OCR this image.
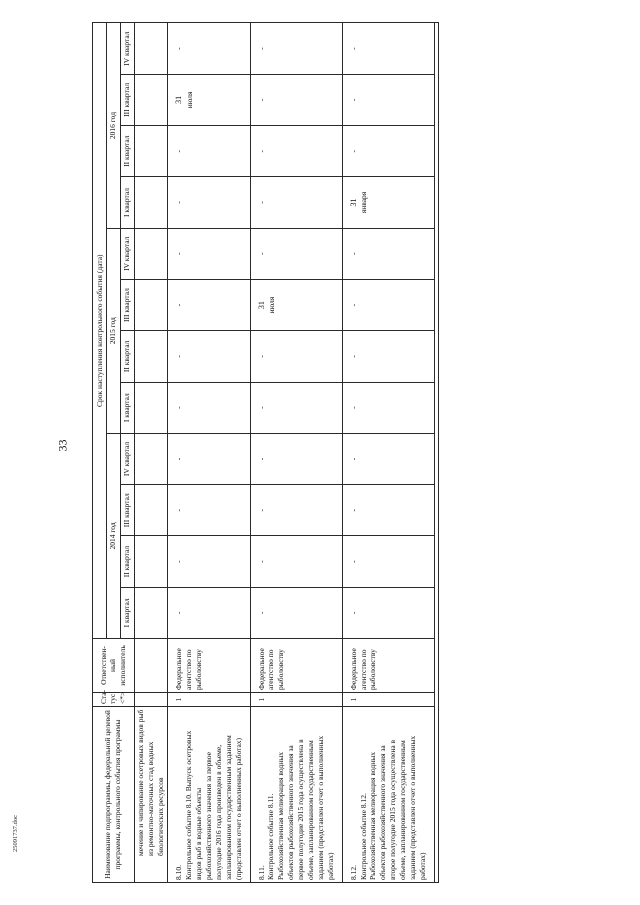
33
25091737.doc	Наименование подпрограммы, федеральной целевой программы, контрольного события программы	Ста-тус <*>	Ответствен-ный исполнитель	Срок наступления контрольного события (дата)											
			2014 год				2015 год				2016 год			
			I квартал	II квартал	III квартал	IV квартал	I квартал	II квартал	III квартал	IV квартал	I квартал	II квартал	III квартал	IV квартал

мечение и чипирование осетровых видов рыб из ремонтно-маточных стад водных биологических ресурсов														

8.10.Контрольное событие 8.10. Выпуск осетровых видов рыб в водные объекты рыбохозяйственного значения за первое полугодие 2016 года произведен в объеме, запланированном государственным заданием (представлен отчет о выполненных работах)	1	Федеральное агентство по рыболовству	-	-	-	-	-	-	-	-	-	-	31 июля	-
8.11.Контрольное событие 8.11. Рыбохозяйственная мелиорация водных объектов рыбохозяйственного значения за первое полугодие 2015 года осуществлена в объеме, запланированном государственным заданием (представлен отчет о выполненных работах)	1	Федеральное агентство по рыболовству	-	-	-	-	-	-	31 июля	-	-	-	-	-
8.12.Контрольное событие 8.12. Рыбохозяйственная мелиорация водных объектов рыбохозяйственного значения за второе полугодие 2015 года осуществлена в объеме, запланированном государственным заданием (представлен отчет о выполненных работах)	1	Федеральное агентство по рыболовству	-	-	-	-	-	-	-	-	31 января	-	-	-
